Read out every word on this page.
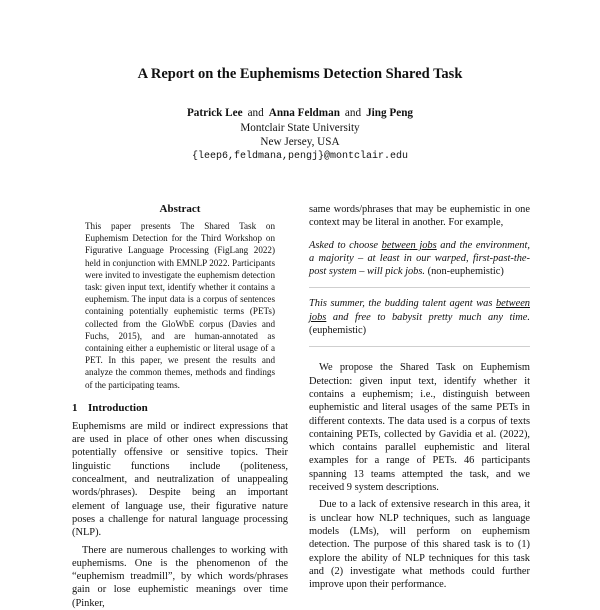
A Report on the Euphemisms Detection Shared Task
Patrick Lee and Anna Feldman and Jing Peng
Montclair State University
New Jersey, USA
{leep6,feldmana,pengj}@montclair.edu
Abstract

This paper presents The Shared Task on Euphemism Detection for the Third Workshop on Figurative Language Processing (FigLang 2022) held in conjunction with EMNLP 2022. Participants were invited to investigate the euphemism detection task: given input text, identify whether it contains a euphemism. The input data is a corpus of sentences containing potentially euphemistic terms (PETs) collected from the GloWbE corpus (Davies and Fuchs, 2015), and are human-annotated as containing either a euphemistic or literal usage of a PET. In this paper, we present the results and analyze the common themes, methods and findings of the participating teams.

1 Introduction

Euphemisms are mild or indirect expressions that are used in place of other ones when discussing potentially offensive or sensitive topics. Their linguistic functions include (politeness, concealment, and neutralization of unappealing words/phrases). Despite being an important element of language use, their figurative nature poses a challenge for natural language processing (NLP).

There are numerous challenges to working with euphemisms. One is the phenomenon of the “euphemism treadmill”, by which words/phrases gain or lose euphemistic meanings over time (Pinker,

same words/phrases that may be euphemistic in one context may be literal in another. For example,

Asked to choose between jobs and the environment, a majority – at least in our warped, first-past-the-post system – will pick jobs. (non-euphemistic)
This summer, the budding talent agent was between jobs and free to babysit pretty much any time. (euphemistic)

We propose the Shared Task on Euphemism Detection: given input text, identify whether it contains a euphemism; i.e., distinguish between euphemistic and literal usages of the same PETs in different contexts. The data used is a corpus of texts containing PETs, collected by Gavidia et al. (2022), which contains parallel euphemistic and literal examples for a range of PETs. 46 participants spanning 13 teams attempted the task, and we received 9 system descriptions.

Due to a lack of extensive research in this area, it is unclear how NLP techniques, such as language models (LMs), will perform on euphemism detection. The purpose of this shared task is to (1) explore the ability of NLP techniques for this task and (2) investigate what methods could further improve upon their performance.
